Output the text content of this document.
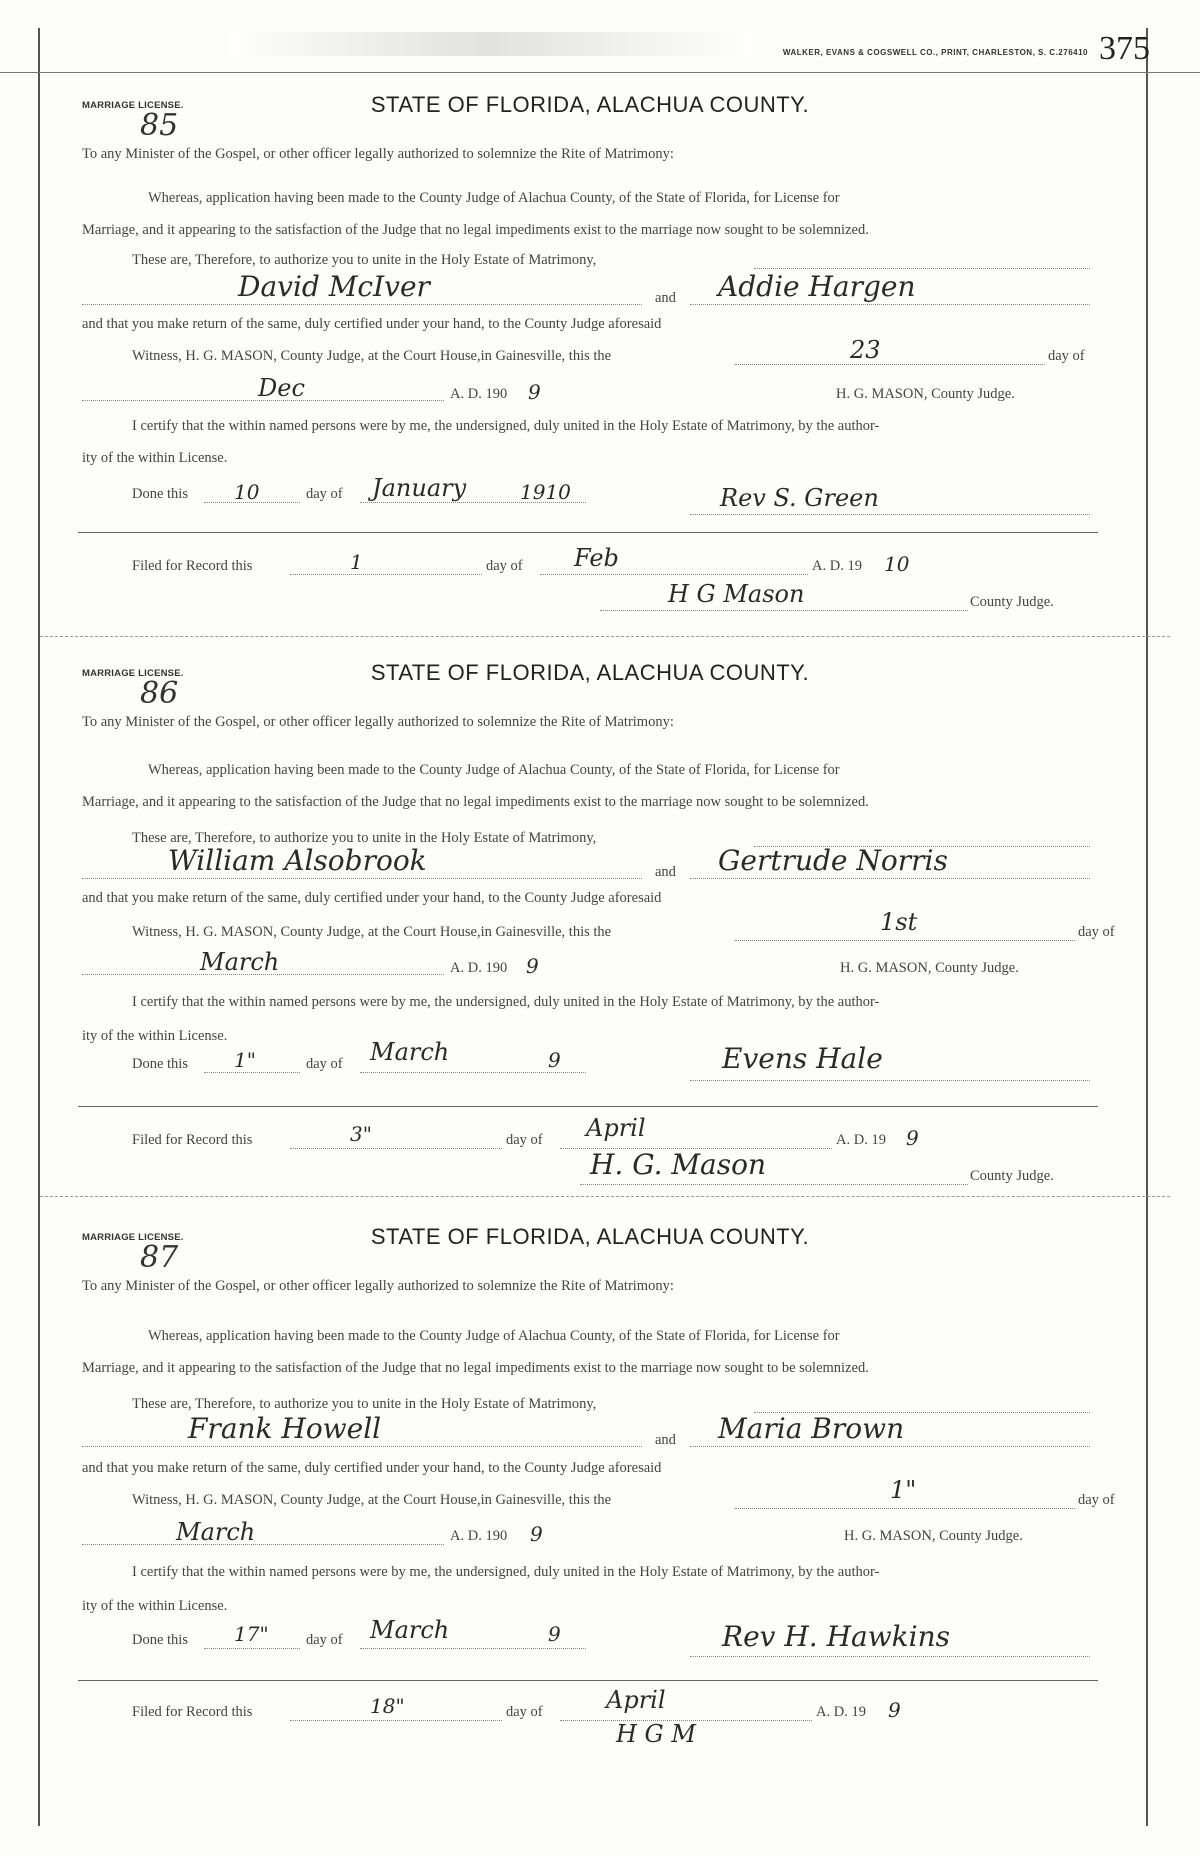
WALKER, EVANS & COGSWELL CO., PRINT, CHARLESTON, S. C.276410 375
MARRIAGE LICENSE.
85
STATE OF FLORIDA, ALACHUA COUNTY.
To any Minister of the Gospel, or other officer legally authorized to solemnize the Rite of Matrimony:
Whereas, application having been made to the County Judge of Alachua County, of the State of Florida, for License for
Marriage, and it appearing to the satisfaction of the Judge that no legal impediments exist to the marriage now sought to be solemnized.
These are, Therefore, to authorize you to unite in the Holy Estate of Matrimony,
David McIver	and Addie Hargen
and that you make return of the same, duly certified under your hand, to the County Judge aforesaid
Witness, H. G. MASON, County Judge, at the Court House,in Gainesville, this the	23	day of
Dec	A. D. 190 9	H. G. MASON, County Judge.
I certify that the within named persons were by me, the undersigned, duly united in the Holy Estate of Matrimony, by the author-
ity of the within License.
Done this 10	day of January	1910	Rev S. Green
Filed for Record this	1	day of Feb	A. D. 19 10
H G Mason	County Judge.
MARRIAGE LICENSE.
86
STATE OF FLORIDA, ALACHUA COUNTY.
To any Minister of the Gospel, or other officer legally authorized to solemnize the Rite of Matrimony:
Whereas, application having been made to the County Judge of Alachua County, of the State of Florida, for License for
Marriage, and it appearing to the satisfaction of the Judge that no legal impediments exist to the marriage now sought to be solemnized.
These are, Therefore, to authorize you to unite in the Holy Estate of Matrimony,
William Alsobrook	and Gertrude Norris
and that you make return of the same, duly certified under your hand, to the County Judge aforesaid
Witness, H. G. MASON, County Judge, at the Court House,in Gainesville, this the	1st	day of
March	A. D. 190 9	H. G. MASON, County Judge.
I certify that the within named persons were by me, the undersigned, duly united in the Holy Estate of Matrimony, by the author-
ity of the within License.
Done this 1"	day of March	9	Evens Hale
Filed for Record this	3"	day of April	A. D. 19 9
H. G. Mason	County Judge.
MARRIAGE LICENSE.
87
STATE OF FLORIDA, ALACHUA COUNTY.
To any Minister of the Gospel, or other officer legally authorized to solemnize the Rite of Matrimony:
Whereas, application having been made to the County Judge of Alachua County, of the State of Florida, for License for
Marriage, and it appearing to the satisfaction of the Judge that no legal impediments exist to the marriage now sought to be solemnized.
These are, Therefore, to authorize you to unite in the Holy Estate of Matrimony,
Frank Howell	and Maria Brown
and that you make return of the same, duly certified under your hand, to the County Judge aforesaid
Witness, H. G. MASON, County Judge, at the Court House,in Gainesville, this the	1"	day of
March	A. D. 190 9	H. G. MASON, County Judge.
I certify that the within named persons were by me, the undersigned, duly united in the Holy Estate of Matrimony, by the author-
ity of the within License.
Done this 17"	day of March	9	Rev H. Hawkins
Filed for Record this	18"	day of	April	A. D. 19 9
H G M
